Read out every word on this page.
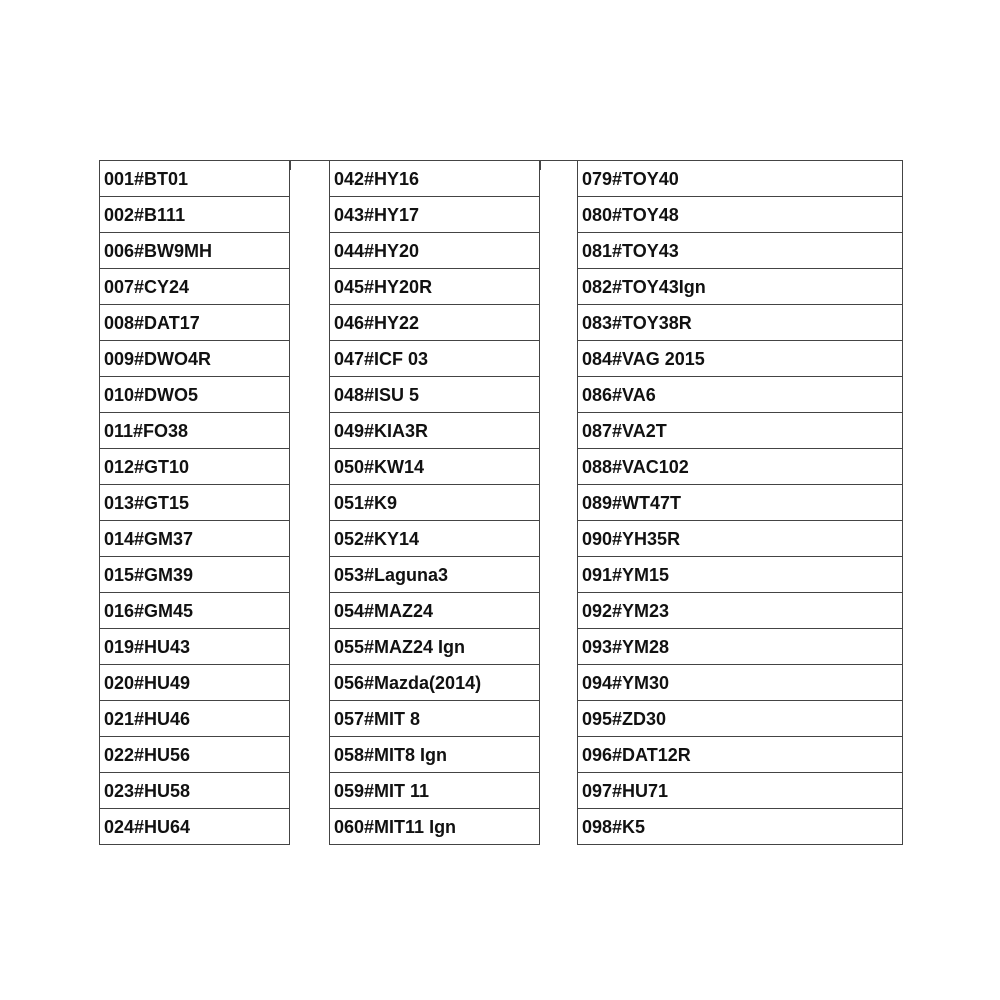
001#BT01
002#B111
006#BW9MH
007#CY24
008#DAT17
009#DWO4R
010#DWO5
011#FO38
012#GT10
013#GT15
014#GM37
015#GM39
016#GM45
019#HU43
020#HU49
021#HU46
022#HU56
023#HU58
024#HU64
042#HY16
043#HY17
044#HY20
045#HY20R
046#HY22
047#ICF 03
048#ISU 5
049#KIA3R
050#KW14
051#K9
052#KY14
053#Laguna3
054#MAZ24
055#MAZ24 Ign
056#Mazda(2014)
057#MIT 8
058#MIT8 Ign
059#MIT 11
060#MIT11 Ign
079#TOY40
080#TOY48
081#TOY43
082#TOY43Ign
083#TOY38R
084#VAG 2015
086#VA6
087#VA2T
088#VAC102
089#WT47T
090#YH35R
091#YM15
092#YM23
093#YM28
094#YM30
095#ZD30
096#DAT12R
097#HU71
098#K5
